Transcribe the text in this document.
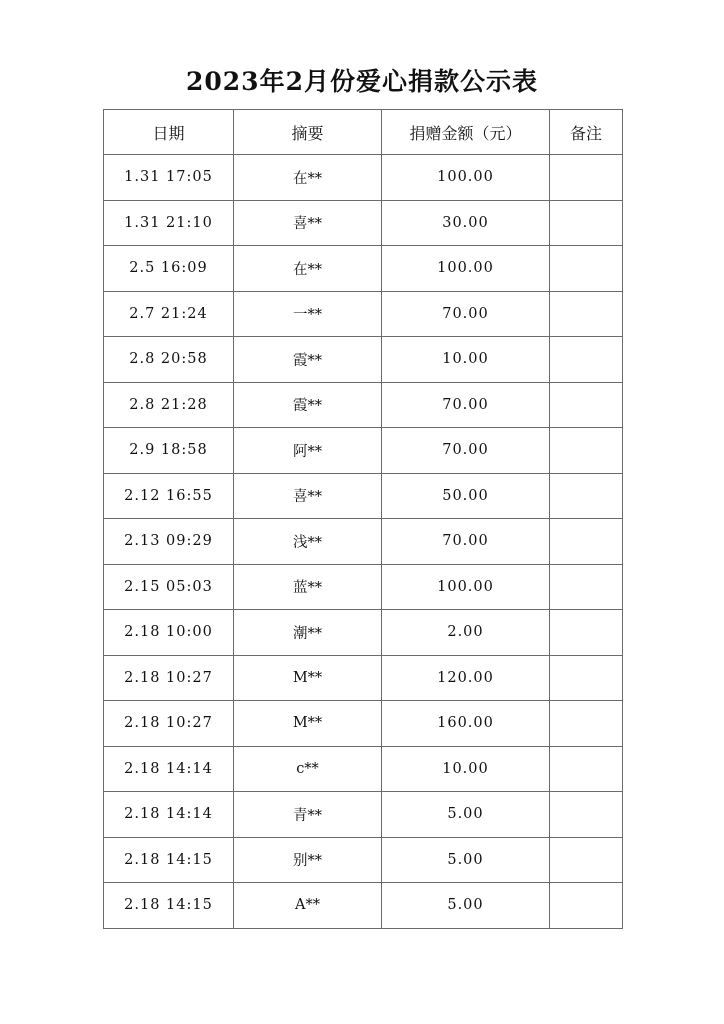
2023年2月份爱心捐款公示表
日期	摘要	捐赠金额（元）	备注
1.31 17:05	在**	100.00	
1.31 21:10	喜**	30.00	
2.5 16:09	在**	100.00	
2.7 21:24	一**	70.00	
2.8 20:58	霞**	10.00	
2.8 21:28	霞**	70.00	
2.9 18:58	阿**	70.00	
2.12 16:55	喜**	50.00	
2.13 09:29	浅**	70.00	
2.15 05:03	蓝**	100.00	
2.18 10:00	潮**	2.00	
2.18 10:27	M**	120.00	
2.18 10:27	M**	160.00	
2.18 14:14	c**	10.00	
2.18 14:14	青**	5.00	
2.18 14:15	别**	5.00	
2.18 14:15	A**	5.00	
